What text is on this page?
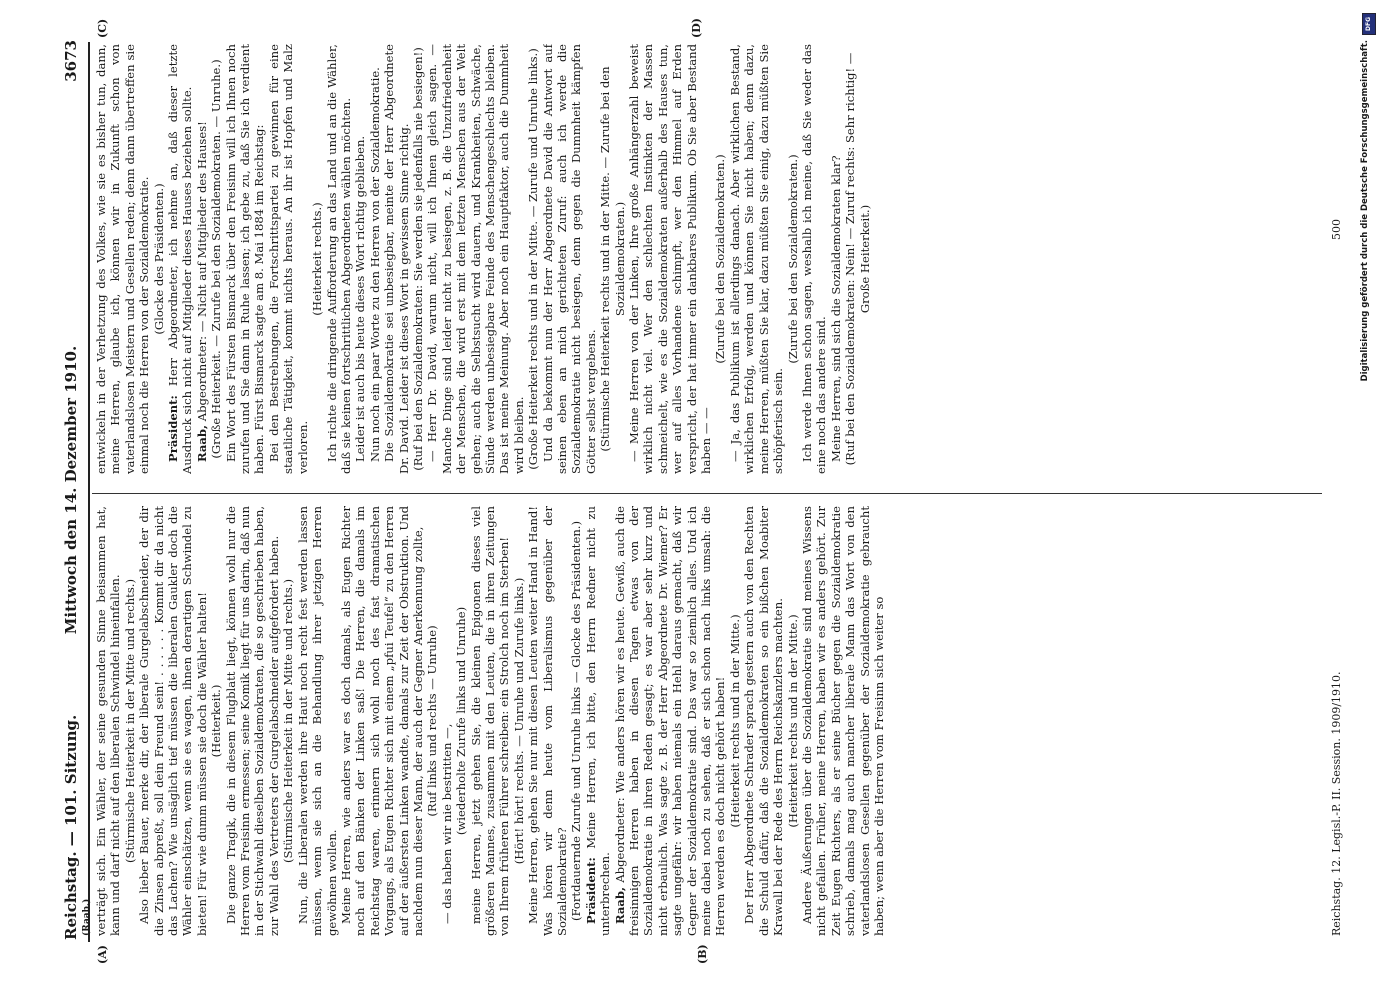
Reichstag. — 101. Sitzung.
Mittwoch den 14. Dezember 1910.
3673
(Raab.)
(A)	(B)
(C)	(D)

verträgt sich. Ein Wähler, der seine gesunden Sinne beisammen hat, kann und darf nicht auf den liberalen Schwindel hineinfallen. (Stürmische Heiterkeit in der Mitte und rechts.) Also lieber Bauer, merke dir, der liberale Gurgelabschneider, der dir die Zinsen abpreßt, soll dein Freund sein! . . . . . . Kommt dir da nicht das Lachen? Wie unsäglich tief müssen die liberalen Gaukler doch die Wähler einschätzen, wenn sie es wagen, ihnen derartigen Schwindel zu bieten! Für wie dumm müssen sie doch die Wähler halten! (Heiterkeit.) Die ganze Tragik, die in diesem Flugblatt liegt, können wohl nur die Herren vom Freisinn ermessen; seine Komik liegt für uns darin, daß nun in der Stichwahl dieselben Sozialdemokraten, die so geschrieben haben, zur Wahl des Vertreters der Gurgelabschneider aufgefordert haben. (Stürmische Heiterkeit in der Mitte und rechts.) Nun, die Liberalen werden ihre Haut noch recht fest werden lassen müssen, wenn sie sich an die Behandlung ihrer jetzigen Herren gewöhnen wollen. Meine Herren, wie anders war es doch damals, als Eugen Richter noch auf den Bänken der Linken saß! Die Herren, die damals im Reichstag waren, erinnern sich wohl noch des fast dramatischen Vorgangs, als Eugen Richter sich mit einem „pfui Teufel“ zu den Herren auf der äußersten Linken wandte, damals zur Zeit der Obstruktion. Und nachdem nun dieser Mann, der auch der Gegner Anerkennung zollte, (Ruf links und rechts — Unruhe)

— das haben wir nie bestritten —, (wiederholte Zurufe links und Unruhe) meine Herren, jetzt gehen Sie, die kleinen Epigonen dieses viel größeren Mannes, zusammen mit den Leuten, die in ihren Zeitungen von Ihrem früheren Führer schreiben: ein Strolch noch im Sterben! (Hört! hört! rechts. — Unruhe und Zurufe links.) Meine Herren, gehen Sie nur mit diesen Leuten weiter Hand in Hand! Was hören wir denn heute vom Liberalismus gegenüber der Sozialdemokratie? (Fortdauernde Zurufe und Unruhe links — Glocke des Präsidenten.) Präsident: Meine Herren, ich bitte, den Herrn Redner nicht zu unterbrechen. Raab, Abgeordneter: Wie anders hören wir es heute. Gewiß, auch die freisinnigen Herren haben in diesen Tagen etwas von der Sozialdemokratie in ihren Reden gesagt; es war aber sehr kurz und nicht erbaulich. Was sagte z. B. der Herr Abgeordnete Dr. Wiemer? Er sagte ungefähr: wir haben niemals ein Hehl daraus gemacht, daß wir Gegner der Sozialdemokratie sind. Das war so ziemlich alles. Und ich meine dabei noch zu sehen, daß er sich schon nach links umsah: die Herren werden es doch nicht gehört haben! (Heiterkeit rechts und in der Mitte.) Der Herr Abgeordnete Schrader sprach gestern auch von den Rechten die Schuld dafür, daß die Sozialdemokraten so ein bißchen Moabiter Krawall bei der Rede des Herrn Reichskanzlers machten. (Heiterkeit rechts und in der Mitte.) Andere Äußerungen über die Sozialdemokratie sind meines Wissens nicht gefallen. Früher, meine Herren, haben wir es anders gehört. Zur Zeit Eugen Richters, als er seine Bücher gegen die Sozialdemokratie schrieb, damals mag auch mancher liberale Mann das Wort von den vaterlandslosen Gesellen gegenüber der Sozialdemokratie gebraucht haben; wenn aber die Herren vom Freisinn sich weiter so

entwickeln in der Verhetzung des Volkes, wie sie es bisher tun, dann, meine Herren, glaube ich, können wir in Zukunft schon von vaterlandslosen Meistern und Gesellen reden; denn dann übertreffen sie einmal noch die Herren von der Sozialdemokratie. (Glocke des Präsidenten.)

Präsident: Herr Abgeordneter, ich nehme an, daß dieser letzte Ausdruck sich nicht auf Mitglieder dieses Hauses beziehen sollte. Raab, Abgeordneter: — Nicht auf Mitglieder des Hauses! (Große Heiterkeit. — Zurufe bei den Sozialdemokraten. — Unruhe.) Ein Wort des Fürsten Bismarck über den Freisinn will ich Ihnen noch zurufen und Sie dann in Ruhe lassen; ich gebe zu, daß Sie ich verdient haben. Fürst Bismarck sagte am 8. Mai 1884 im Reichstag: Bei den Bestrebungen, die Fortschrittspartei zu gewinnen für eine staatliche Tätigkeit, kommt nichts heraus. An ihr ist Hopfen und Malz verloren.

(Heiterkeit rechts.) Ich richte die dringende Aufforderung an das Land und an die Wähler, daß sie keinen fortschrittlichen Abgeordneten wählen möchten. Leider ist auch bis heute dieses Wort richtig geblieben. Nun noch ein paar Worte zu den Herren von der Sozialdemokratie. Die Sozialdemokratie sei unbesiegbar, meinte der Herr Abgeordnete Dr. David. Leider ist dieses Wort in gewissem Sinne richtig. (Ruf bei den Sozialdemokraten: Sie werden sie jedenfalls nie besiegen!) — Herr Dr. David, warum nicht, will ich Ihnen gleich sagen. — Manche Dinge sind leider nicht zu besiegen, z. B. die Unzufriedenheit der Menschen, die wird erst mit dem letzten Menschen aus der Welt gehen; auch die Selbstsucht wird dauern, und Krankheiten, Schwäche, Sünde werden unbesiegbare Feinde des Menschengeschlechts bleiben. Das ist meine Meinung. Aber noch ein Hauptfaktor, auch die Dummheit wird bleiben. (Große Heiterkeit rechts und in der Mitte. — Zurufe und Unruhe links.) Und da bekommt nun der Herr Abgeordnete David die Antwort auf seinen eben an mich gerichteten Zuruf: auch ich werde die Sozialdemokratie nicht besiegen, denn gegen die Dummheit kämpfen Götter selbst vergebens. (Stürmische Heiterkeit rechts und in der Mitte. — Zurufe bei den Sozialdemokraten.) — Meine Herren von der Linken, Ihre große Anhängerzahl beweist wirklich nicht viel. Wer den schlechten Instinkten der Massen schmeichelt, wie es die Sozialdemokraten außerhalb des Hauses tun, wer auf alles Vorhandene schimpft, wer den Himmel auf Erden verspricht, der hat immer ein dankbares Publikum. Ob Sie aber Bestand haben — —

(Zurufe bei den Sozialdemokraten.) — Ja, das Publikum ist allerdings danach. Aber wirklichen Bestand, wirklichen Erfolg, werden und können Sie nicht haben; denn dazu, meine Herren, müßten Sie klar, dazu müßten Sie einig, dazu müßten Sie schöpferisch sein.

(Zurufe bei den Sozialdemokraten.) Ich werde Ihnen schon sagen, weshalb ich meine, daß Sie weder das eine noch das andere sind. Meine Herren, sind sich die Sozialdemokraten klar? (Ruf bei den Sozialdemokraten: Nein! — Zuruf rechts: Sehr richtig! — Große Heiterkeit.)

Reichstag. 12. Legisl.-P. II. Session. 1909/1910.
500 Digitalisierung gefördert durch die Deutsche Forschungsgemeinschaft.
DFG
